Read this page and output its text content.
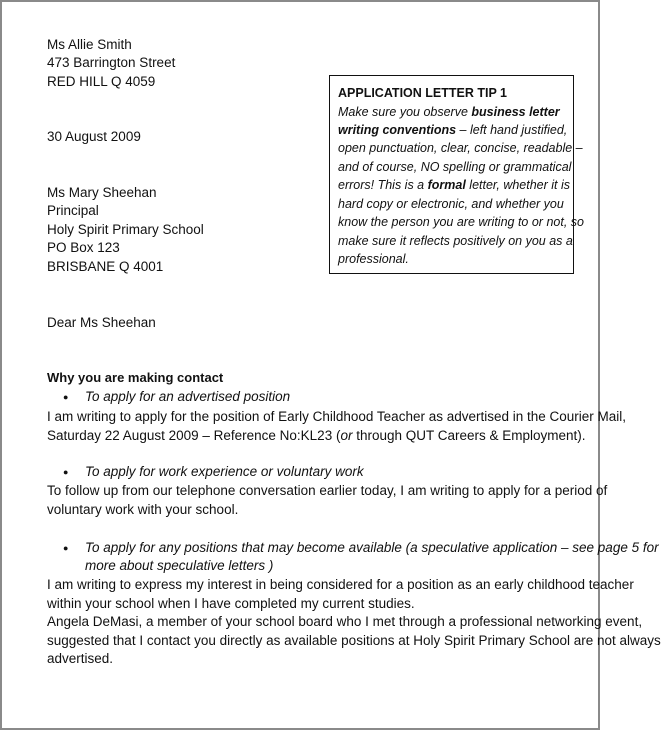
Ms Allie Smith
473 Barrington Street
RED HILL Q 4059
30 August 2009
Ms Mary Sheehan
Principal
Holy Spirit Primary School
PO Box 123
BRISBANE Q 4001
APPLICATION LETTER TIP 1
Make sure you observe business letter
writing conventions – left hand justified,
open punctuation, clear, concise, readable –
and of course, NO spelling or grammatical
errors! This is a formal letter, whether it is
hard copy or electronic, and whether you
know the person you are writing to or not, so
make sure it reflects positively on you as a
professional.
Dear Ms Sheehan
Why you are making contact
● To apply for an advertised position
I am writing to apply for the position of Early Childhood Teacher as advertised in the Courier Mail,
Saturday 22 August 2009 – Reference No:KL23 (or through QUT Careers & Employment).
● To apply for work experience or voluntary work
To follow up from our telephone conversation earlier today, I am writing to apply for a period of
voluntary work with your school.
● To apply for any positions that may become available (a speculative application – see page 5 for
more about speculative letters )
I am writing to express my interest in being considered for a position as an early childhood teacher
within your school when I have completed my current studies.
Angela DeMasi, a member of your school board who I met through a professional networking event,
suggested that I contact you directly as available positions at Holy Spirit Primary School are not always
advertised.
